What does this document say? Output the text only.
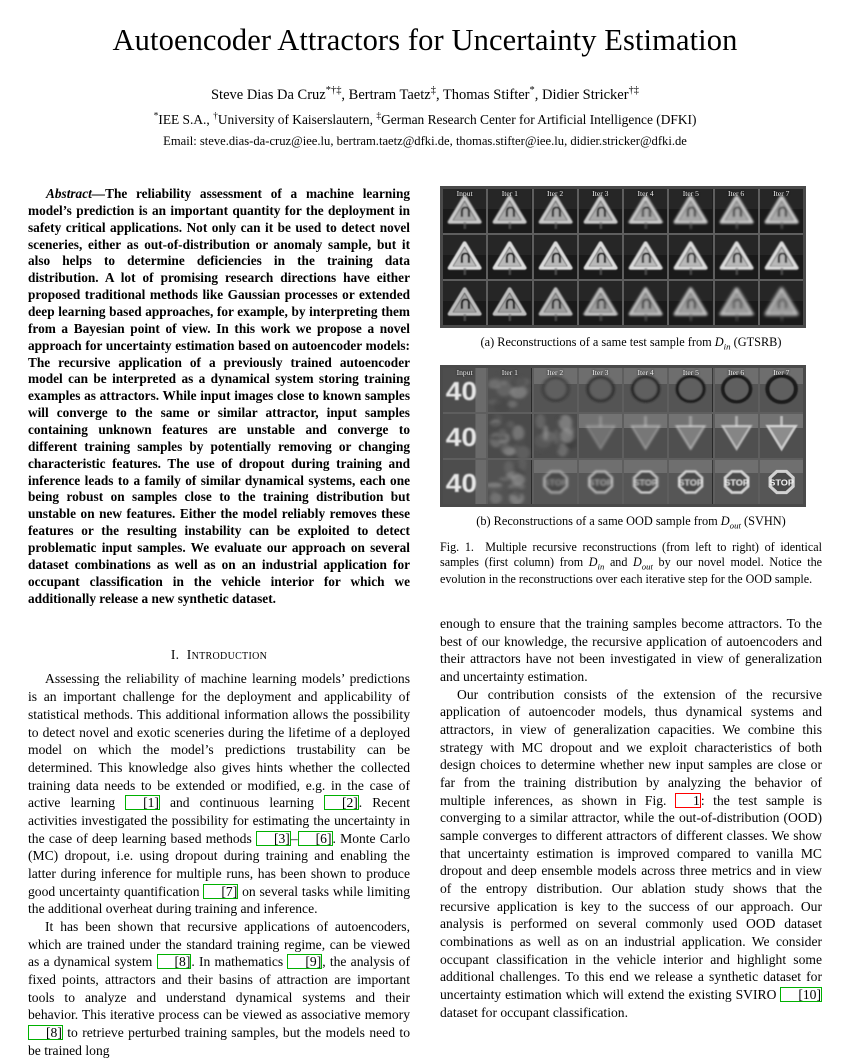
Autoencoder Attractors for Uncertainty Estimation
Steve Dias Da Cruz*†‡, Bertram Taetz‡, Thomas Stifter*, Didier Stricker†‡
*IEE S.A., †University of Kaiserslautern, ‡German Research Center for Artificial Intelligence (DFKI)
Email: steve.dias-da-cruz@iee.lu, bertram.taetz@dfki.de, thomas.stifter@iee.lu, didier.stricker@dfki.de

Abstract—The reliability assessment of a machine learning model’s prediction is an important quantity for the deployment in safety critical applications. Not only can it be used to detect novel sceneries, either as out-of-distribution or anomaly sample, but it also helps to determine deficiencies in the training data distribution. A lot of promising research directions have either proposed traditional methods like Gaussian processes or extended deep learning based approaches, for example, by interpreting them from a Bayesian point of view. In this work we propose a novel approach for uncertainty estimation based on autoencoder models: The recursive application of a previously trained autoencoder model can be interpreted as a dynamical system storing training examples as attractors. While input images close to known samples will converge to the same or similar attractor, input samples containing unknown features are unstable and converge to different training samples by potentially removing or changing characteristic features. The use of dropout during training and inference leads to a family of similar dynamical systems, each one being robust on samples close to the training distribution but unstable on new features. Either the model reliably removes these features or the resulting instability can be exploited to detect problematic input samples. We evaluate our approach on several dataset combinations as well as on an industrial application for occupant classification in the vehicle interior for which we additionally release a new synthetic dataset.

I. Introduction

Assessing the reliability of machine learning models’ predictions is an important challenge for the deployment and applicability of statistical methods. This additional information allows the possibility to detect novel and exotic sceneries during the lifetime of a deployed model on which the model’s predictions trustability can be determined. This knowledge also gives hints whether the collected training data needs to be extended or modified, e.g. in the case of active learning [1] and continuous learning [2]. Recent activities investigated the possibility for estimating the uncertainty in the case of deep learning based methods [3]– [6]. Monte Carlo (MC) dropout, i.e. using dropout during training and enabling the latter during inference for multiple runs, has been shown to produce good uncertainty quantification [7] on several tasks while limiting the additional overheat during training and inference.

It has been shown that recursive applications of autoencoders, which are trained under the standard training regime, can be viewed as a dynamical system [8]. In mathematics [9], the analysis of fixed points, attractors and their basins of attraction are important tools to analyze and understand dynamical systems and their behavior. This iterative process can be viewed as associative memory [8] to retrieve perturbed training samples, but the models need to be trained long

Input	Iter 1	Iter 2	Iter 3	Iter 4	Iter 5	Iter 6	Iter 7
(a) Reconstructions of a same test sample from $D_{in}$ (GTSRB)
40
Input	Iter 1	Iter 2	Iter 3	Iter 4	Iter 5	Iter 6	Iter 7
40
40	STOP STOP STOP STOP STOP STOP
(b) Reconstructions of a same OOD sample from $D_{out}$ (SVHN)

Fig. 1. Multiple recursive reconstructions (from left to right) of identical samples (first column) from $D_{in}$ and $D_{out}$ by our novel model. Notice the evolution in the reconstructions over each iterative step for the OOD sample.

enough to ensure that the training samples become attractors. To the best of our knowledge, the recursive application of autoencoders and their attractors have not been investigated in view of generalization and uncertainty estimation.

Our contribution consists of the extension of the recursive application of autoencoder models, thus dynamical systems and attractors, in view of generalization capacities. We combine this strategy with MC dropout and we exploit characteristics of both design choices to determine whether new input samples are close or far from the training distribution by analyzing the behavior of multiple inferences, as shown in Fig. 1: the test sample is converging to a similar attractor, while the out-of-distribution (OOD) sample converges to different attractors of different classes. We show that uncertainty estimation is improved compared to vanilla MC dropout and deep ensemble models across three metrics and in view of the entropy distribution. Our ablation study shows that the recursive application is key to the success of our approach. Our analysis is performed on several commonly used OOD dataset combinations as well as on an industrial application. We consider occupant classification in the vehicle interior and highlight some additional challenges. To this end we release a synthetic dataset for uncertainty estimation which will extend the existing SVIRO [10] dataset for occupant classification.
